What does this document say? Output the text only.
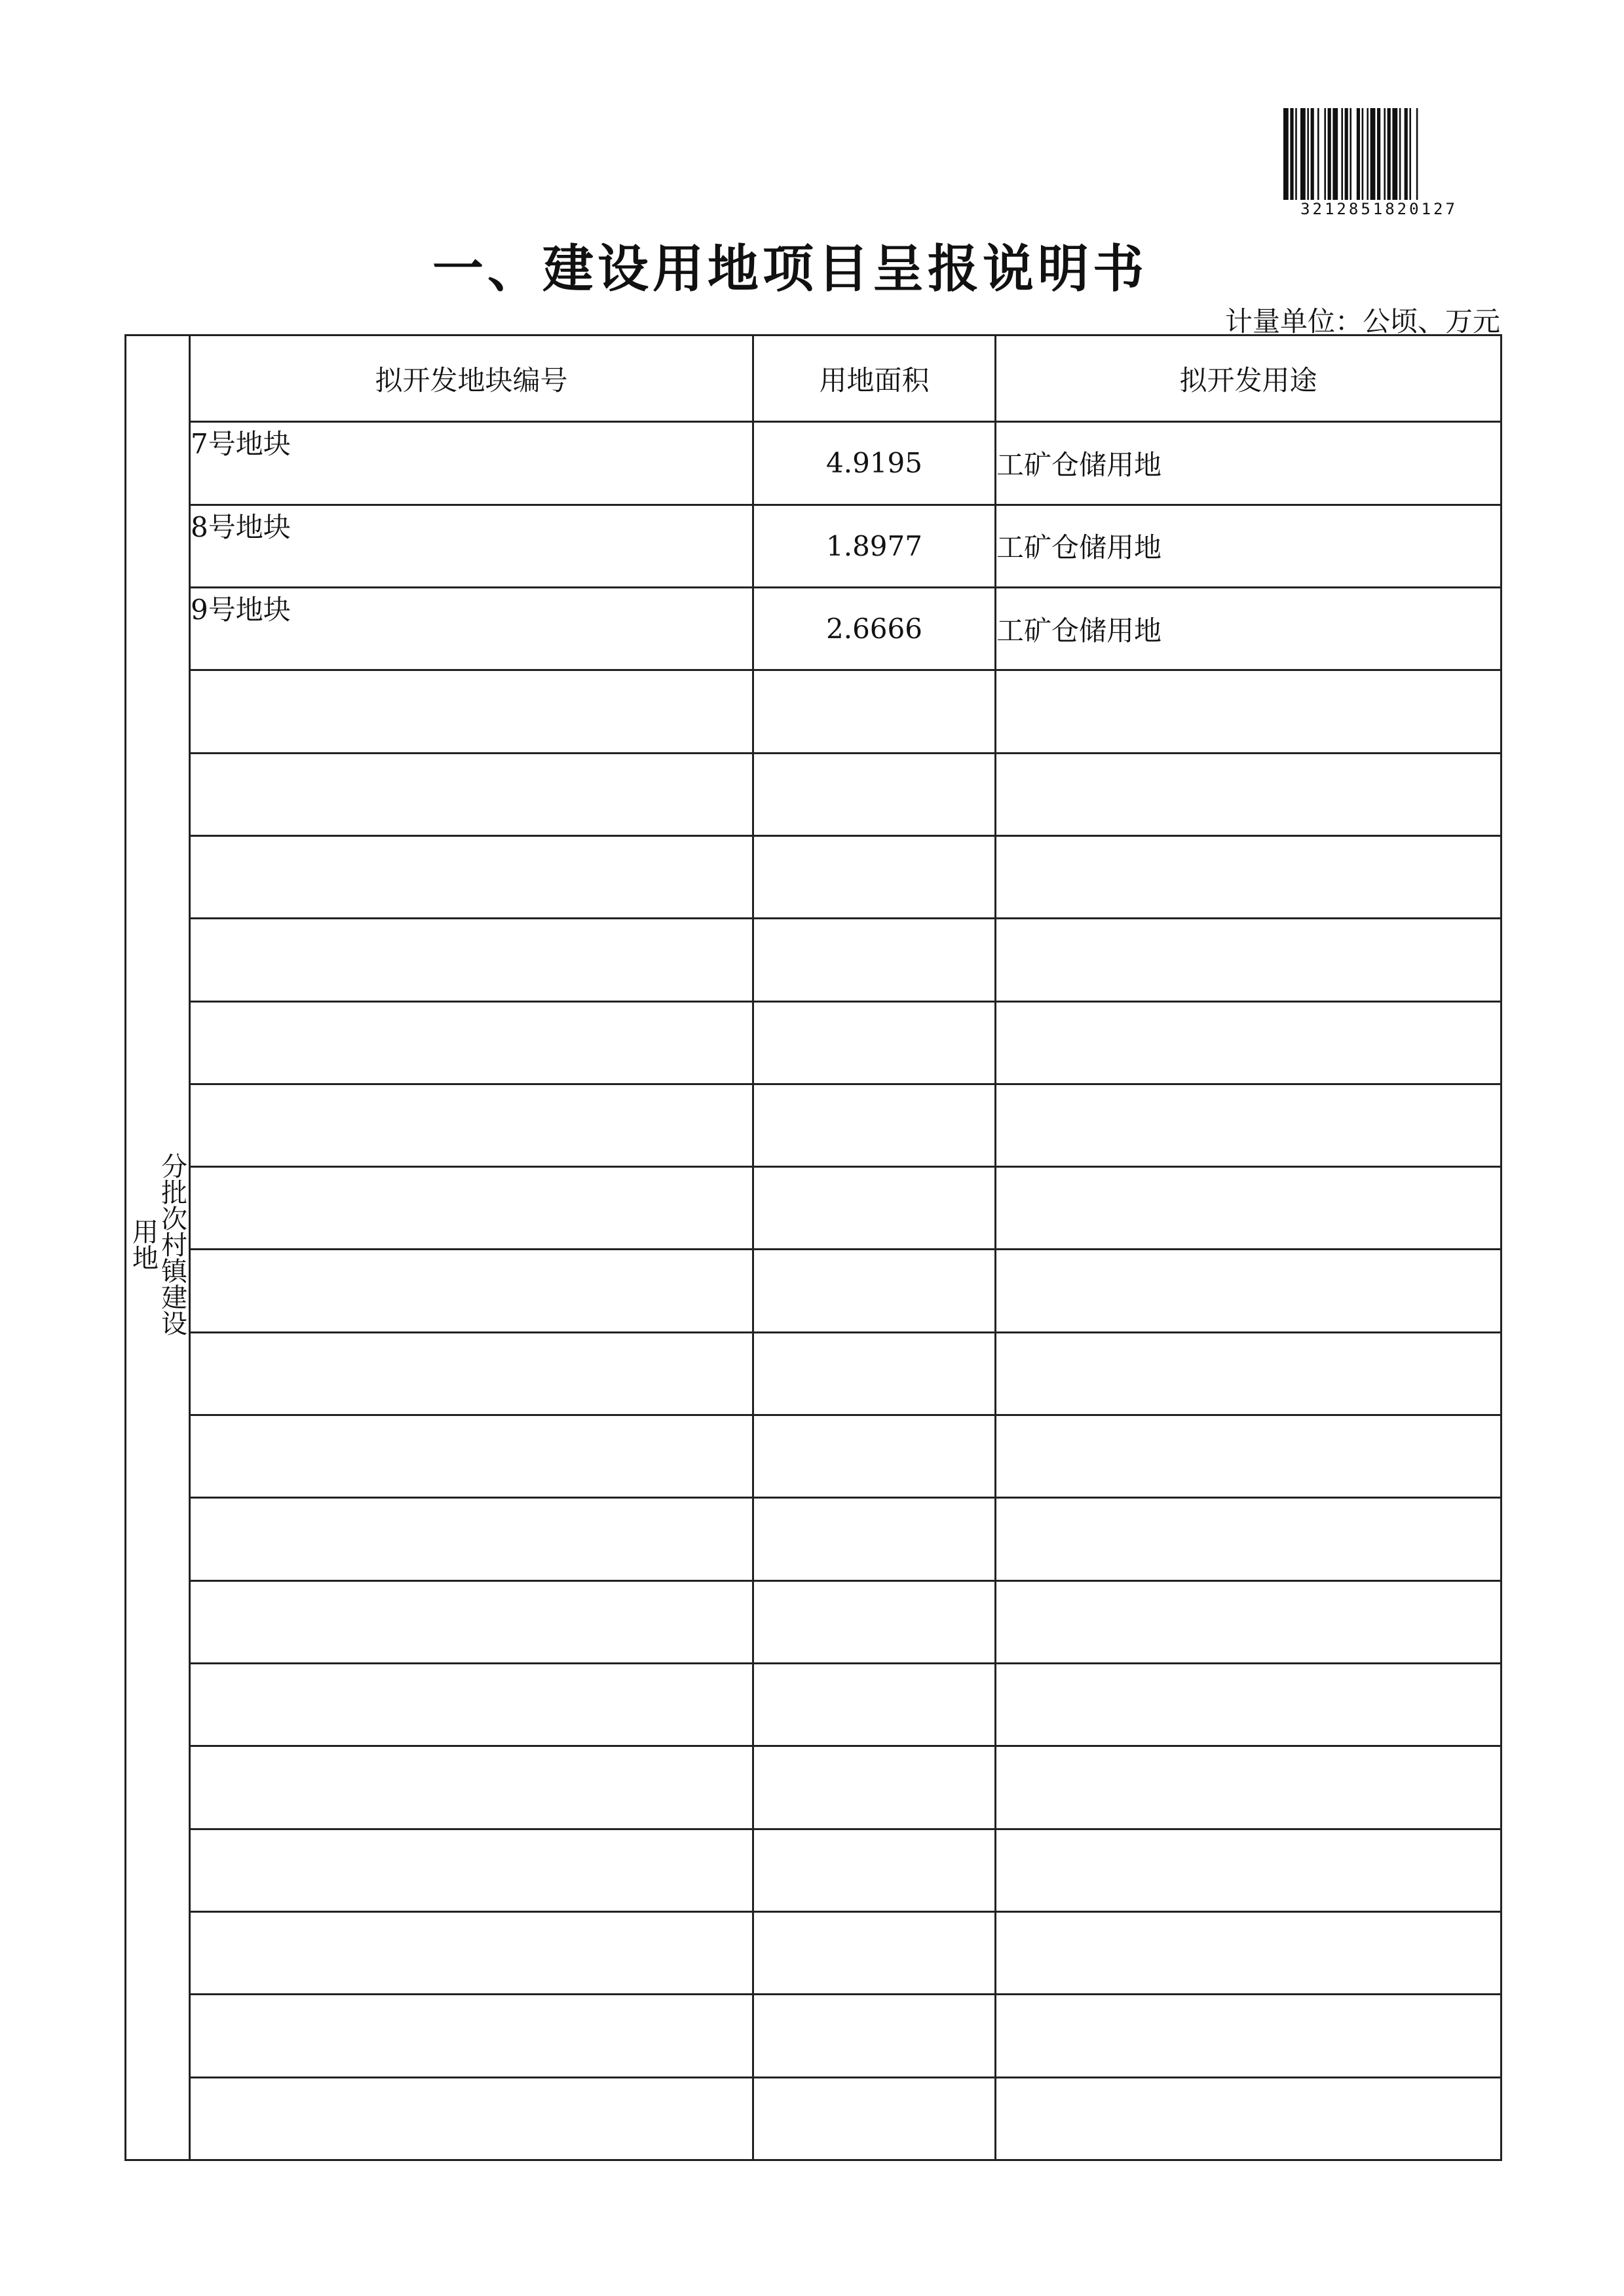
3212851820127
一、建设用地项目呈报说明书
计量单位：公顷、万元
分批次村镇建设用地	拟开发地块编号	用地面积	拟开发用途
	7号地块	4.9195	工矿仓储用地
	8号地块	1.8977	工矿仓储用地
	9号地块	2.6666	工矿仓储用地
